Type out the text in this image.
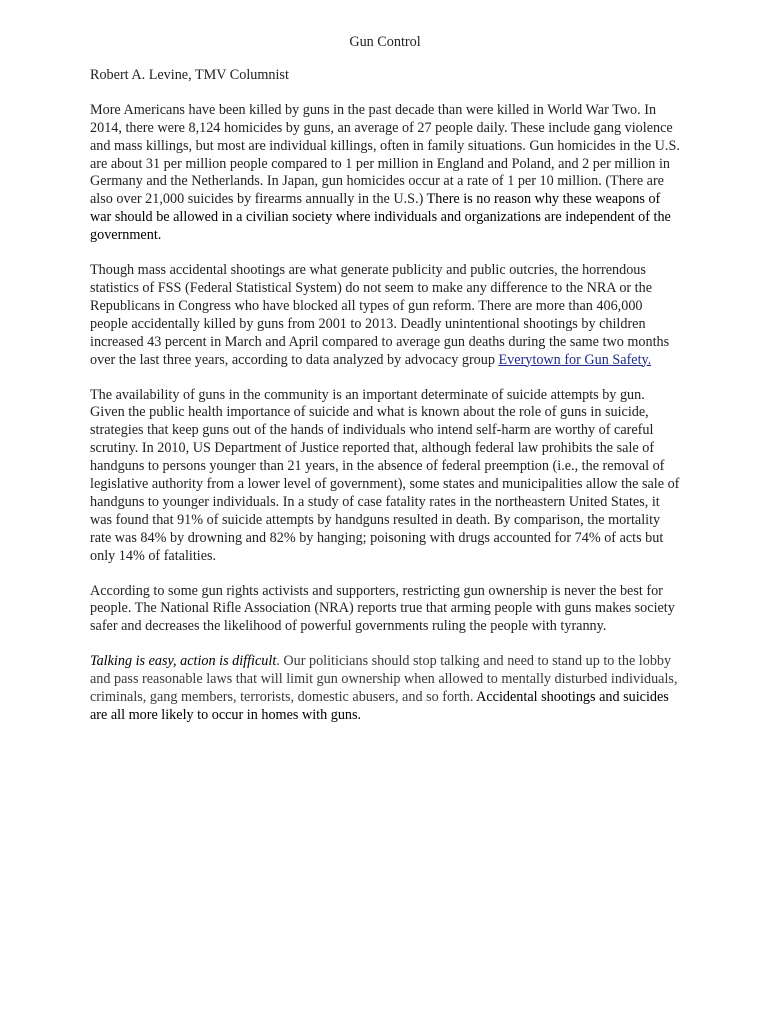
Gun Control
Robert A. Levine, TMV Columnist

More Americans have been killed by guns in the past decade than were killed in World War Two. In 2014, there were 8,124 homicides by guns, an average of 27 people daily. These include gang violence and mass killings, but most are individual killings, often in family situations. Gun homicides in the U.S. are about 31 per million people compared to 1 per million in England and Poland, and 2 per million in Germany and the Netherlands. In Japan, gun homicides occur at a rate of 1 per 10 million. (There are also over 21,000 suicides by firearms annually in the U.S.) There is no reason why these weapons of war should be allowed in a civilian society where individuals and organizations are independent of the government.

Though mass accidental shootings are what generate publicity and public outcries, the horrendous statistics of FSS (Federal Statistical System) do not seem to make any difference to the NRA or the Republicans in Congress who have blocked all types of gun reform. There are more than 406,000 people accidentally killed by guns from 2001 to 2013. Deadly unintentional shootings by children increased 43 percent in March and April compared to average gun deaths during the same two months over the last three years, according to data analyzed by advocacy group Everytown for Gun Safety.

The availability of guns in the community is an important determinate of suicide attempts by gun. Given the public health importance of suicide and what is known about the role of guns in suicide, strategies that keep guns out of the hands of individuals who intend self-harm are worthy of careful scrutiny. In 2010, US Department of Justice reported that, although federal law prohibits the sale of handguns to persons younger than 21 years, in the absence of federal preemption (i.e., the removal of legislative authority from a lower level of government), some states and municipalities allow the sale of handguns to younger individuals. In a study of case fatality rates in the northeastern United States, it was found that 91% of suicide attempts by handguns resulted in death. By comparison, the mortality rate was 84% by drowning and 82% by hanging; poisoning with drugs accounted for 74% of acts but only 14% of fatalities.

According to some gun rights activists and supporters, restricting gun ownership is never the best for people. The National Rifle Association (NRA) reports true that arming people with guns makes society safer and decreases the likelihood of powerful governments ruling the people with tyranny.

Talking is easy, action is difficult. Our politicians should stop talking and need to stand up to the lobby and pass reasonable laws that will limit gun ownership when allowed to mentally disturbed individuals, criminals, gang members, terrorists, domestic abusers, and so forth. Accidental shootings and suicides are all more likely to occur in homes with guns.
